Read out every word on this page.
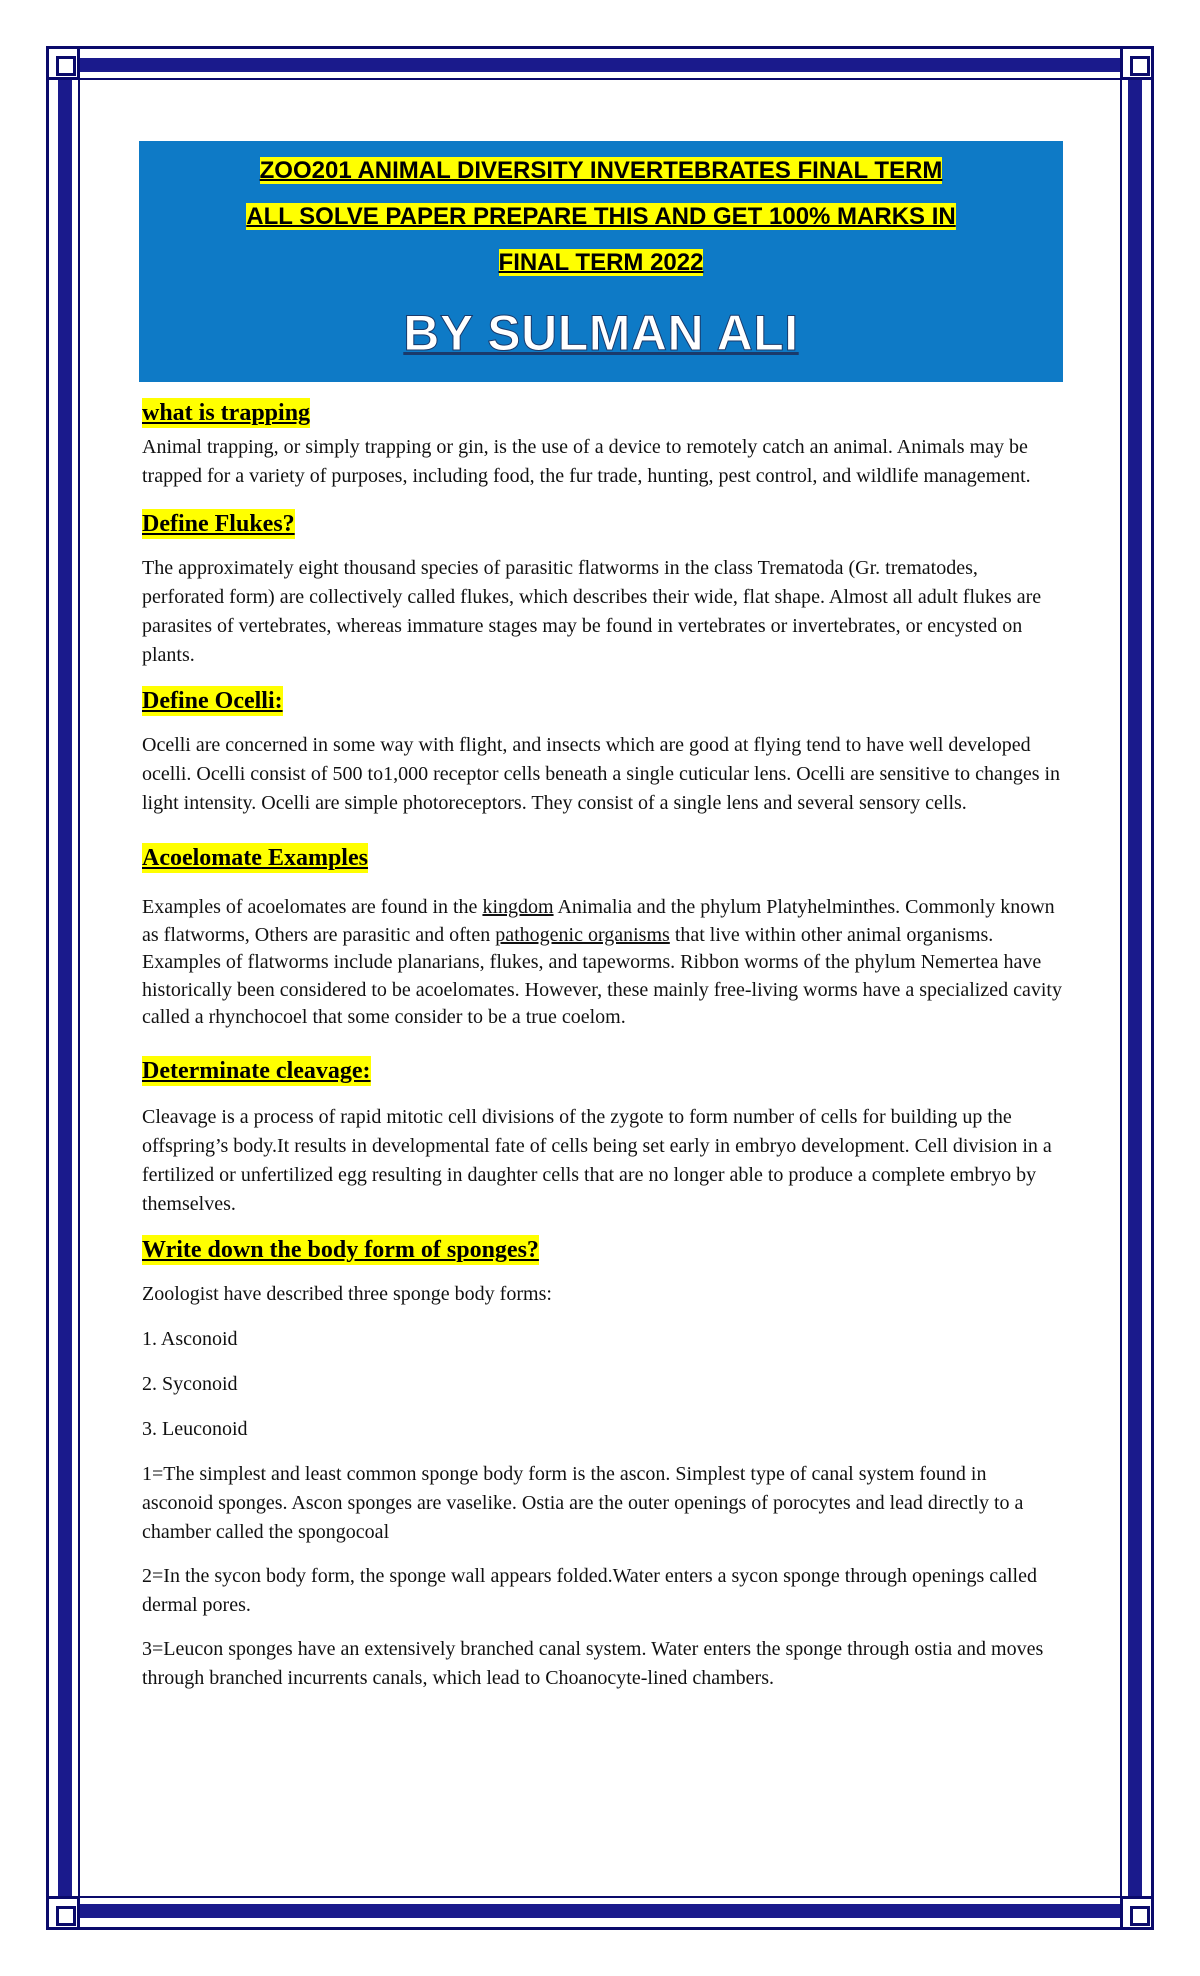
ZOO201 ANIMAL DIVERSITY INVERTEBRATES FINAL TERM
ALL SOLVE PAPER PREPARE THIS AND GET 100% MARKS IN
FINAL TERM 2022
BY SULMAN ALI
what is trapping

Animal trapping, or simply trapping or gin, is the use of a device to remotely catch an animal. Animals may be trapped for a variety of purposes, including food, the fur trade, hunting, pest control, and wildlife management.

Define Flukes?

The approximately eight thousand species of parasitic flatworms in the class Trematoda (Gr. trematodes, perforated form) are collectively called flukes, which describes their wide, flat shape. Almost all adult flukes are parasites of vertebrates, whereas immature stages may be found in vertebrates or invertebrates, or encysted on plants.

Define Ocelli:

Ocelli are concerned in some way with flight, and insects which are good at flying tend to have well developed ocelli. Ocelli consist of 500 to1,000 receptor cells beneath a single cuticular lens. Ocelli are sensitive to changes in light intensity. Ocelli are simple photoreceptors. They consist of a single lens and several sensory cells.

Acoelomate Examples

Examples of acoelomates are found in the kingdom Animalia and the phylum Platyhelminthes. Commonly known as flatworms, Others are parasitic and often pathogenic organisms that live within other animal organisms. Examples of flatworms include planarians, flukes, and tapeworms. Ribbon worms of the phylum Nemertea have historically been considered to be acoelomates. However, these mainly free-living worms have a specialized cavity called a rhynchocoel that some consider to be a true coelom.

Determinate cleavage:

Cleavage is a process of rapid mitotic cell divisions of the zygote to form number of cells for building up the offspring’s body.It results in developmental fate of cells being set early in embryo development. Cell division in a fertilized or unfertilized egg resulting in daughter cells that are no longer able to produce a complete embryo by themselves.

Write down the body form of sponges?

Zoologist have described three sponge body forms:

1. Asconoid

2. Syconoid

3. Leuconoid

1=The simplest and least common sponge body form is the ascon. Simplest type of canal system found in asconoid sponges. Ascon sponges are vaselike. Ostia are the outer openings of porocytes and lead directly to a chamber called the spongocoal

2=In the sycon body form, the sponge wall appears folded.Water enters a sycon sponge through openings called dermal pores.

3=Leucon sponges have an extensively branched canal system. Water enters the sponge through ostia and moves through branched incurrents canals, which lead to Choanocyte-lined chambers.
